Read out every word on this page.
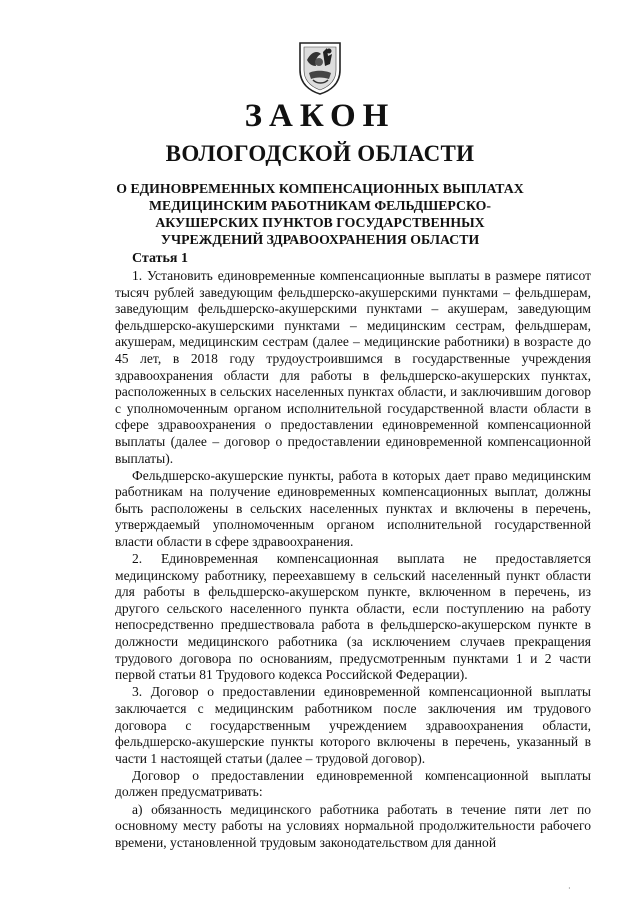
ЗАКОН
ВОЛОГОДСКОЙ ОБЛАСТИ
О ЕДИНОВРЕМЕННЫХ КОМПЕНСАЦИОННЫХ ВЫПЛАТАХ
МЕДИЦИНСКИМ РАБОТНИКАМ ФЕЛЬДШЕРСКО-
АКУШЕРСКИХ ПУНКТОВ ГОСУДАРСТВЕННЫХ
УЧРЕЖДЕНИЙ ЗДРАВООХРАНЕНИЯ ОБЛАСТИ
Статья 1

1. Установить единовременные компенсационные выплаты в размере пятисот тысяч рублей заведующим фельдшерско-акушерскими пунктами – фельдшерам, заведующим фельдшерско-акушерскими пунктами – акушерам, заведующим фельдшерско-акушерскими пунктами – медицинским сестрам, фельдшерам, акушерам, медицинским сестрам (далее – медицинские работники) в возрасте до 45 лет, в 2018 году трудоустроившимся в государственные учреждения здравоохранения области для работы в фельдшерско-акушерских пунктах, расположенных в сельских населенных пунктах области, и заключившим договор с уполномоченным органом исполнительной государственной власти области в сфере здравоохранения о предоставлении единовременной компенсационной выплаты (далее – договор о предоставлении единовременной компенсационной выплаты).

Фельдшерско-акушерские пункты, работа в которых дает право медицинским работникам на получение единовременных компенсационных выплат, должны быть расположены в сельских населенных пунктах и включены в перечень, утверждаемый уполномоченным органом исполнительной государственной власти области в сфере здравоохранения.

2. Единовременная компенсационная выплата не предоставляется медицинскому работнику, переехавшему в сельский населенный пункт области для работы в фельдшерско-акушерском пункте, включенном в перечень, из другого сельского населенного пункта области, если поступлению на работу непосредственно предшествовала работа в фельдшерско-акушерском пункте в должности медицинского работника (за исключением случаев прекращения трудового договора по основаниям, предусмотренным пунктами 1 и 2 части первой статьи 81 Трудового кодекса Российской Федерации).

3. Договор о предоставлении единовременной компенсационной выплаты заключается с медицинским работником после заключения им трудового договора с государственным учреждением здравоохранения области, фельдшерско-акушерские пункты которого включены в перечень, указанный в части 1 настоящей статьи (далее – трудовой договор).

Договор о предоставлении единовременной компенсационной выплаты должен предусматривать:

а) обязанность медицинского работника работать в течение пяти лет по основному месту работы на условиях нормальной продолжительности рабочего времени, установленной трудовым законодательством для данной

·
